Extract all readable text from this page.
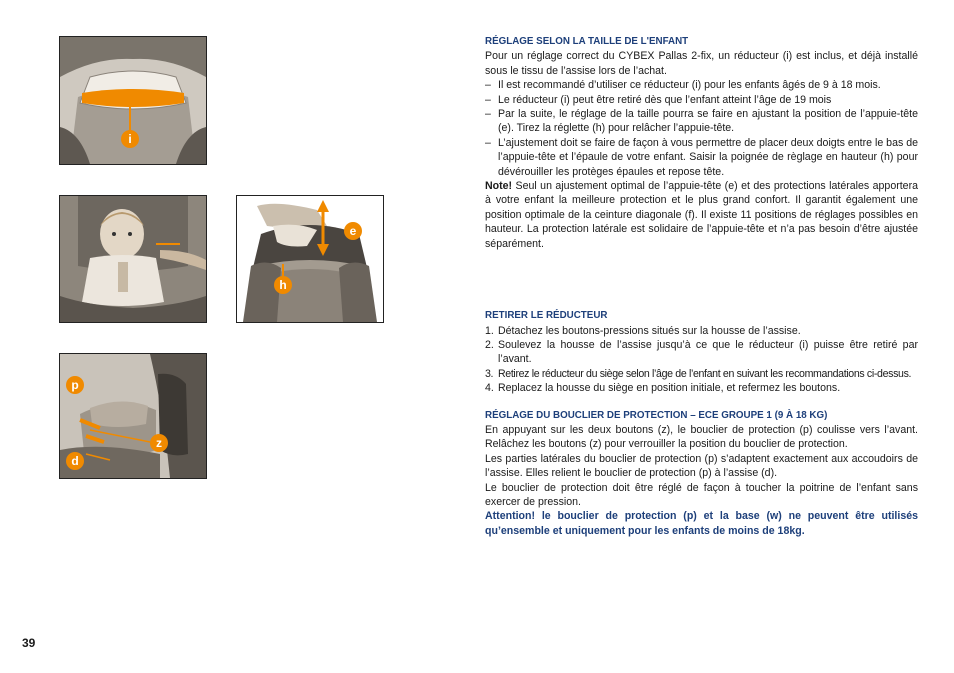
i
e
h
p
z
d
RÉGLAGE SELON LA TAILLE DE L'ENFANT

Pour un réglage correct du CYBEX Pallas 2-fix, un réducteur (i) est inclus, et déjà installé sous le tissu de l’assise lors de l’achat.

– Il est recommandé d’utiliser ce réducteur (i) pour les enfants âgés de 9 à 18 mois.
– Le réducteur (i) peut être retiré dès que l’enfant atteint l’âge de 19 mois
– Par la suite, le réglage de la taille pourra se faire en ajustant la position de l’appuie-tête (e). Tirez la réglette (h) pour relâcher l’appuie-tête.
– L’ajustement doit se faire de façon à vous permettre de placer deux doigts entre le bas de l’appuie-tête et l’épaule de votre enfant. Saisir la poignée de règlage en hauteur (h) pour dévérouiller les protèges épaules et repose tête.

Note! Seul un ajustement optimal de l’appuie-tête (e) et des protections latérales apportera à votre enfant la meilleure protection et le plus grand confort. Il garantit également une position optimale de la ceinture diagonale (f). Il existe 11 positions de réglages possibles en hauteur. La protection latérale est solidaire de l’appuie-tête et n’a pas besoin d’être ajustée séparément.

RETIRER LE RÉDUCTEUR
1. Détachez les boutons-pressions situés sur la housse de l’assise.
2. Soulevez la housse de l’assise jusqu’à ce que le réducteur (i) puisse être retiré par l’avant.
3. Retirez le réducteur du siège selon l’âge de l’enfant en suivant les recommandations ci-dessus.
4. Replacez la housse du siège en position initiale, et refermez les boutons.
RÉGLAGE DU BOUCLIER DE PROTECTION – ECE GROUPE 1 (9 À 18 KG)

En appuyant sur les deux boutons (z), le bouclier de protection (p) coulisse vers l’avant. Relâchez les boutons (z) pour verrouiller la position du bouclier de protection.

Les parties latérales du bouclier de protection (p) s’adaptent exactement aux accoudoirs de l’assise. Elles relient le bouclier de protection (p) à l’assise (d).

Le bouclier de protection doit être réglé de façon à toucher la poitrine de l’enfant sans exercer de pression.

Attention! le bouclier de protection (p) et la base (w) ne peuvent être utilisés qu’ensemble et uniquement pour les enfants de moins de 18kg.

39
